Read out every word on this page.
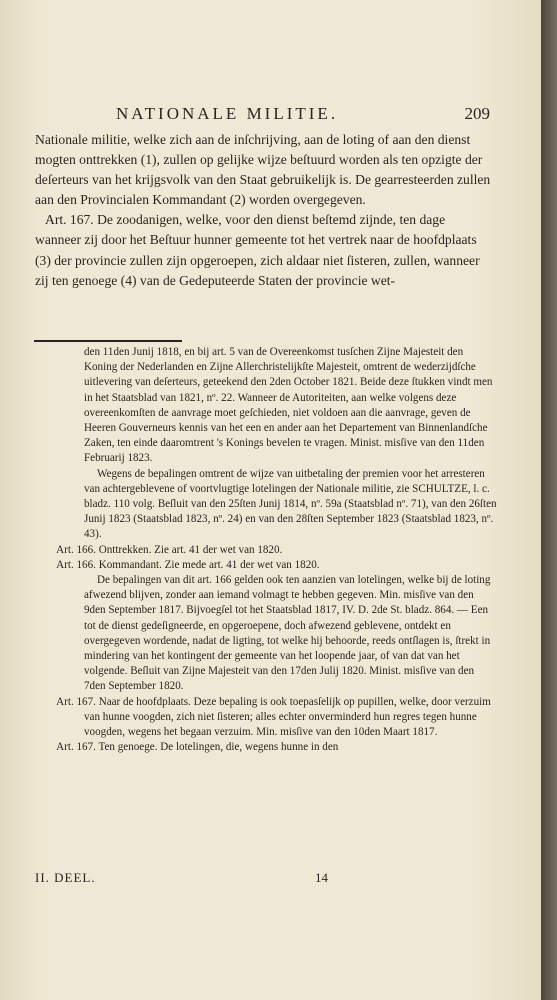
NATIONALE MILITIE.	209

Nationale militie, welke zich aan de inſchrijving, aan de loting of aan den dienst mogten onttrekken (1), zullen op gelijke wijze beſtuurd worden als ten opzigte der deſerteurs van het krijgsvolk van den Staat gebruikelijk is. De gearresteerden zullen aan den Provincialen Kommandant (2) worden overgegeven.

Art. 167. De zoodanigen, welke, voor den dienst beſtemd zijnde, ten dage wanneer zij door het Beſtuur hunner gemeente tot het vertrek naar de hoofdplaats (3) der provincie zullen zijn opgeroepen, zich aldaar niet ſisteren, zullen, wanneer zij ten genoege (4) van de Gedeputeerde Staten der provincie wet-

den 11den Junij 1818, en bij art. 5 van de Overeenkomst tusſchen Zijne Majesteit den Koning der Nederlanden en Zijne Allerchristelijkſte Majesteit, omtrent de wederzijdſche uitlevering van deſerteurs, geteekend den 2den October 1821. Beide deze ſtukken vindt men in het Staatsblad van 1821, nº. 22. Wanneer de Autoriteiten, aan welke volgens deze overeenkomſten de aanvrage moet geſchieden, niet voldoen aan die aanvrage, geven de Heeren Gouverneurs kennis van het een en ander aan het Departement van Binnenlandſche Zaken, ten einde daaromtrent 's Konings bevelen te vragen. Minist. misſive van den 11den Februarij 1823.

Wegens de bepalingen omtrent de wijze van uitbetaling der premien voor het arresteren van achtergeblevene of voortvlugtige lotelingen der Nationale militie, zie SCHULTZE, l. c. bladz. 110 volg. Beſluit van den 25ſten Junij 1814, nº. 59a (Staatsblad nº. 71), van den 26ſten Junij 1823 (Staatsblad 1823, nº. 24) en van den 28ſten September 1823 (Staatsblad 1823, nº. 43).

Art. 166. Onttrekken. Zie art. 41 der wet van 1820.

Art. 166. Kommandant. Zie mede art. 41 der wet van 1820.

De bepalingen van dit art. 166 gelden ook ten aanzien van lotelingen, welke bij de loting afwezend blijven, zonder aan iemand volmagt te hebben gegeven. Min. misſive van den 9den September 1817. Bijvoegſel tot het Staatsblad 1817, IV. D. 2de St. bladz. 864. — Een tot de dienst gedeſigneerde, en opgeroepene, doch afwezend geblevene, ontdekt en overgegeven wordende, nadat de ligting, tot welke hij behoorde, reeds ontſlagen is, ſtrekt in mindering van het kontingent der gemeente van het loopende jaar, of van dat van het volgende. Beſluit van Zijne Majesteit van den 17den Julij 1820. Minist. misſive van den 7den September 1820.

Art. 167. Naar de hoofdplaats. Deze bepaling is ook toepasſelijk op pupillen, welke, door verzuim van hunne voogden, zich niet ſisteren; alles echter onverminderd hun regres tegen hunne voogden, wegens het begaan verzuim. Min. misſive van den 10den Maart 1817.

Art. 167. Ten genoege. De lotelingen, die, wegens hunne in den

II. DEEL.	14
